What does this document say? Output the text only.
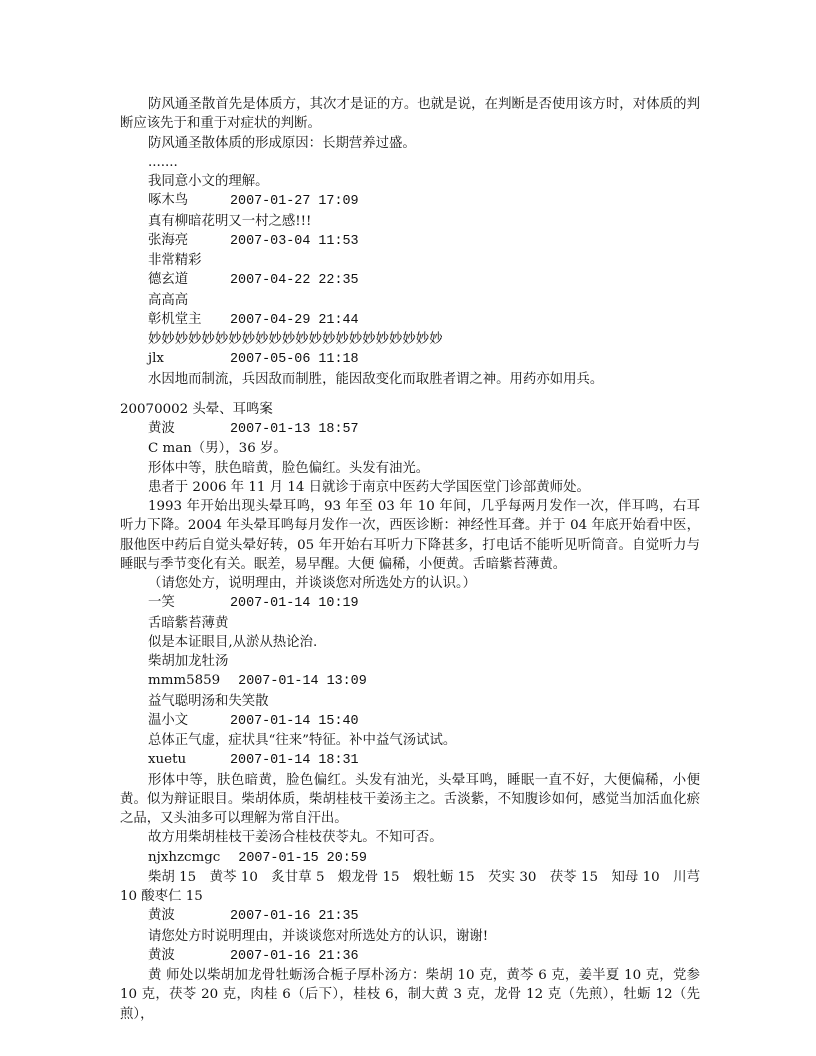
防风通圣散首先是体质方，其次才是证的方。也就是说，在判断是否使用该方时，对体质的判断应该先于和重于对症状的判断。
防风通圣散体质的形成原因：长期营养过盛。
.......
我同意小文的理解。
啄木鸟	2007-01-27 17:09
真有柳暗花明又一村之感!!!
张海亮	2007-03-04 11:53
非常精彩
德玄道	2007-04-22 22:35
高高高
彰机堂主 2007-04-29 21:44
妙妙妙妙妙妙妙妙妙妙妙妙妙妙妙妙妙妙妙妙妙妙
jlx	2007-05-06 11:18
水因地而制流，兵因敌而制胜，能因敌变化而取胜者谓之神。用药亦如用兵。
20070002 头晕、耳鸣案
黄波	2007-01-13 18:57
C man（男），36 岁。
形体中等，肤色暗黄，脸色偏红。头发有油光。
患者于 2006 年 11 月 14 日就诊于南京中医药大学国医堂门诊部黄师处。
1993 年开始出现头晕耳鸣，93 年至 03 年 10 年间，几乎每两月发作一次，伴耳鸣，右耳听力下降。2004 年头晕耳鸣每月发作一次，西医诊断：神经性耳聋。并于 04 年底开始看中医，服他医中药后自觉头晕好转，05 年开始右耳听力下降甚多，打电话不能听见听筒音。自觉听力与睡眠与季节变化有关。眠差，易早醒。大便 偏稀，小便黄。舌暗紫苔薄黄。
（请您处方，说明理由，并谈谈您对所选处方的认识。）
一笑	2007-01-14 10:19
舌暗紫苔薄黄
似是本证眼目,从淤从热论治.
柴胡加龙牡汤
mmm5859 2007-01-14 13:09
益气聪明汤和失笑散
温小文	2007-01-14 15:40
总体正气虚，症状具“往来”特征。补中益气汤试试。
xuetu	2007-01-14 18:31
形体中等，肤色暗黄，脸色偏红。头发有油光，头晕耳鸣，睡眠一直不好，大便偏稀，小便黄。似为辩证眼目。柴胡体质，柴胡桂枝干姜汤主之。舌淡紫，不知腹诊如何，感觉当加活血化瘀之品，又头油多可以理解为常自汗出。
故方用柴胡桂枝干姜汤合桂枝茯苓丸。不知可否。
njxhzcmgc 2007-01-15 20:59
柴胡 15　黄芩 10　炙甘草 5　煅龙骨 15　煅牡蛎 15　芡实 30　茯苓 15　知母 10　川芎 10 酸枣仁 15
黄波	2007-01-16 21:35
请您处方时说明理由，并谈谈您对所选处方的认识，谢谢!
黄波	2007-01-16 21:36
黄 师处以柴胡加龙骨牡蛎汤合栀子厚朴汤方：柴胡 10 克，黄芩 6 克，姜半夏 10 克，党参 10 克，茯苓 20 克，肉桂 6（后下），桂枝 6，制大黄 3 克，龙骨 12 克（先煎），牡蛎 12（先煎），
